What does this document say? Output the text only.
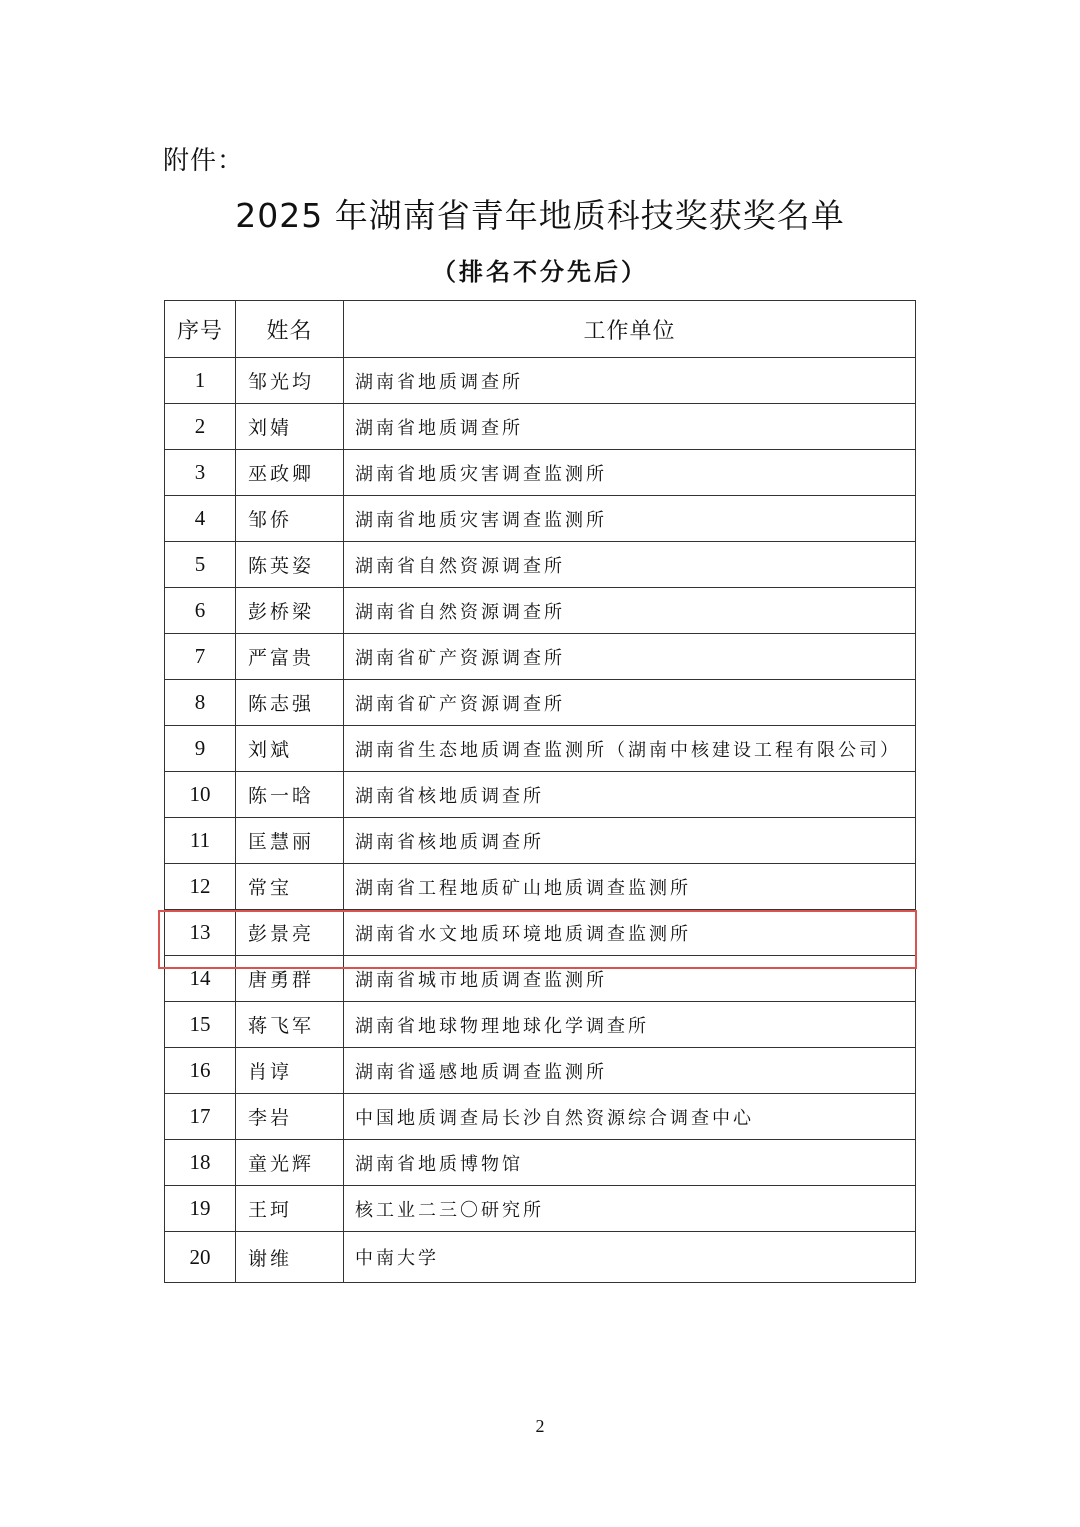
附件：
2025 年湖南省青年地质科技奖获奖名单
（排名不分先后）
序号	姓名	工作单位
1	邹光均	湖南省地质调查所
2	刘婧	湖南省地质调查所
3	巫政卿	湖南省地质灾害调查监测所
4	邹侨	湖南省地质灾害调查监测所
5	陈英姿	湖南省自然资源调查所
6	彭桥梁	湖南省自然资源调查所
7	严富贵	湖南省矿产资源调查所
8	陈志强	湖南省矿产资源调查所
9	刘斌	湖南省生态地质调查监测所（湖南中核建设工程有限公司）
10	陈一晗	湖南省核地质调查所
11	匡慧丽	湖南省核地质调查所
12	常宝	湖南省工程地质矿山地质调查监测所
13	彭景亮	湖南省水文地质环境地质调查监测所
14	唐勇群	湖南省城市地质调查监测所
15	蒋飞军	湖南省地球物理地球化学调查所
16	肖谆	湖南省遥感地质调查监测所
17	李岩	中国地质调查局长沙自然资源综合调查中心
18	童光辉	湖南省地质博物馆
19	王珂	核工业二三〇研究所
20	谢维	中南大学
2
